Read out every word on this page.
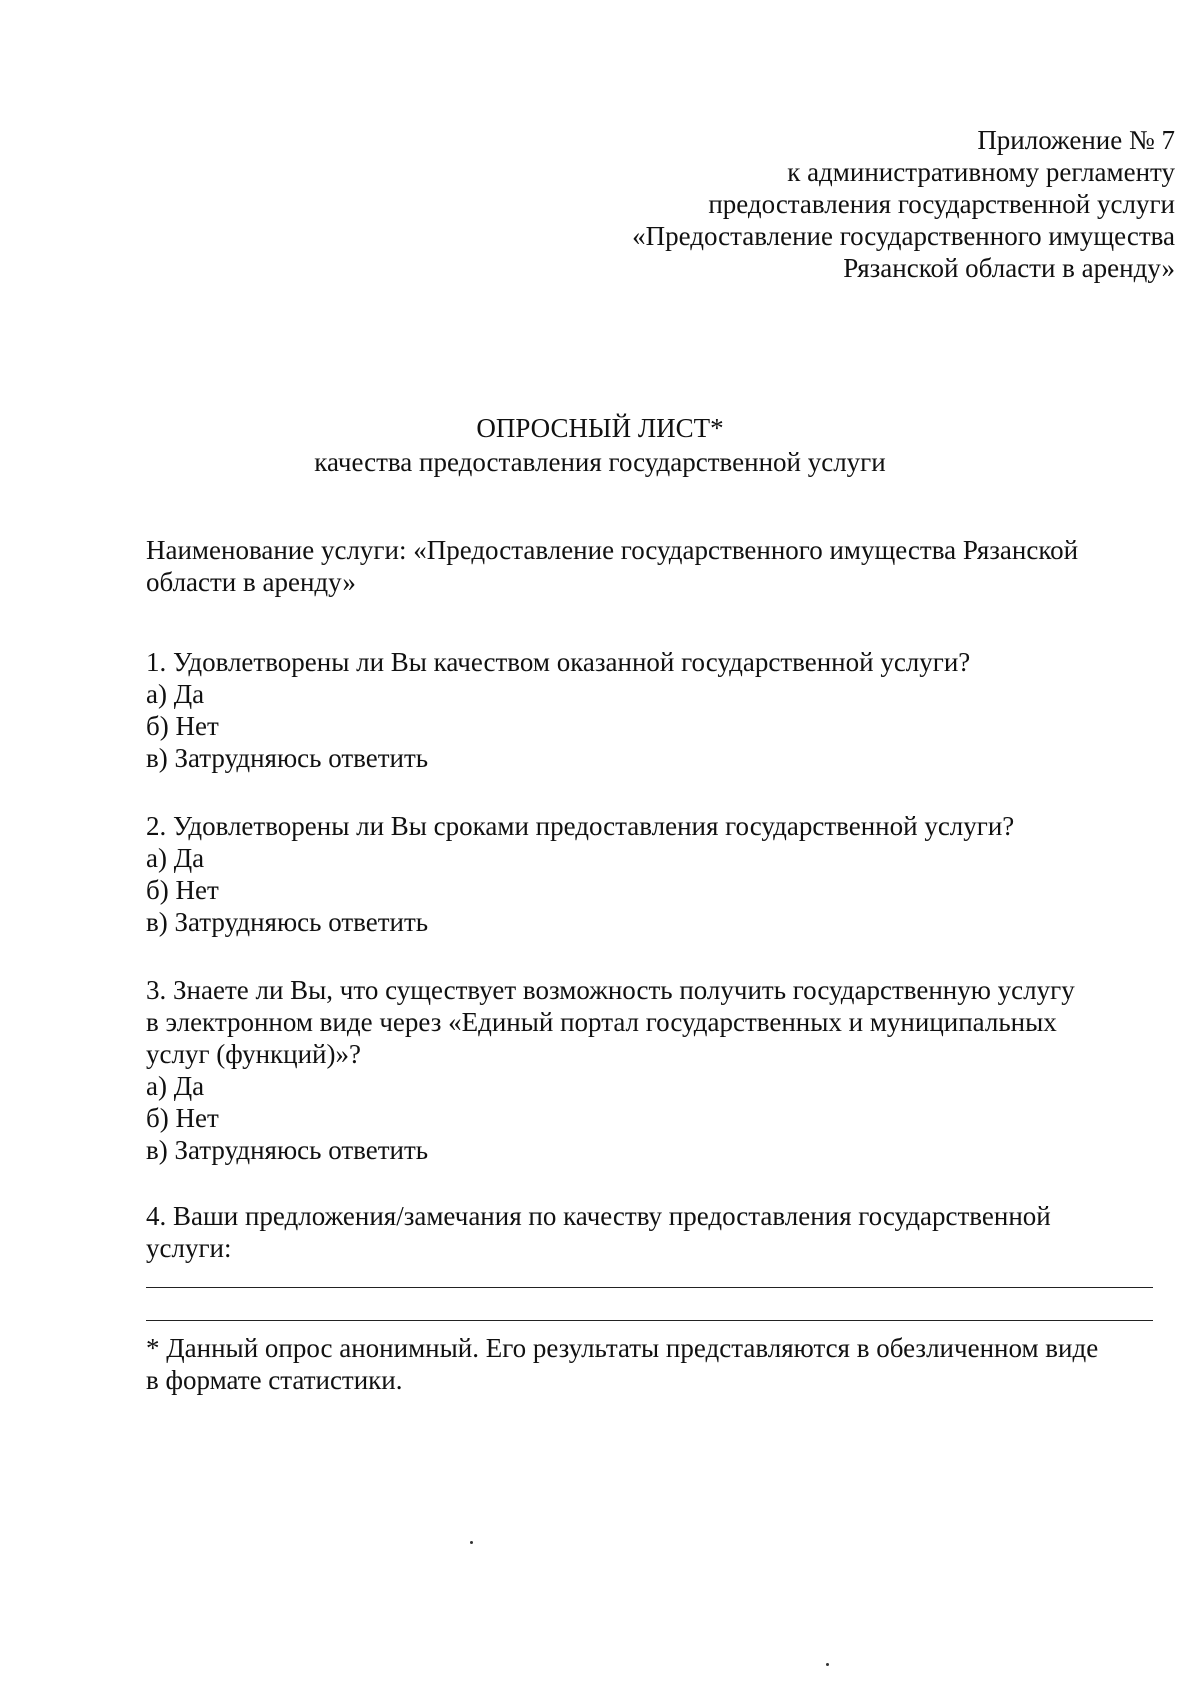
Приложение № 7
к административному регламенту
предоставления государственной услуги
«Предоставление государственного имущества
Рязанской области в аренду»
ОПРОСНЫЙ ЛИСТ*
качества предоставления государственной услуги
Наименование услуги: «Предоставление государственного имущества Рязанской
области в аренду»
1. Удовлетворены ли Вы качеством оказанной государственной услуги?
а) Да
б) Нет
в) Затрудняюсь ответить
2. Удовлетворены ли Вы сроками предоставления государственной услуги?
а) Да
б) Нет
в) Затрудняюсь ответить
3. Знаете ли Вы, что существует возможность получить государственную услугу
в электронном виде через «Единый портал государственных и муниципальных
услуг (функций)»?
а) Да
б) Нет
в) Затрудняюсь ответить
4. Ваши предложения/замечания по качеству предоставления государственной
услуги:
* Данный опрос анонимный. Его результаты представляются в обезличенном виде
в формате статистики.
